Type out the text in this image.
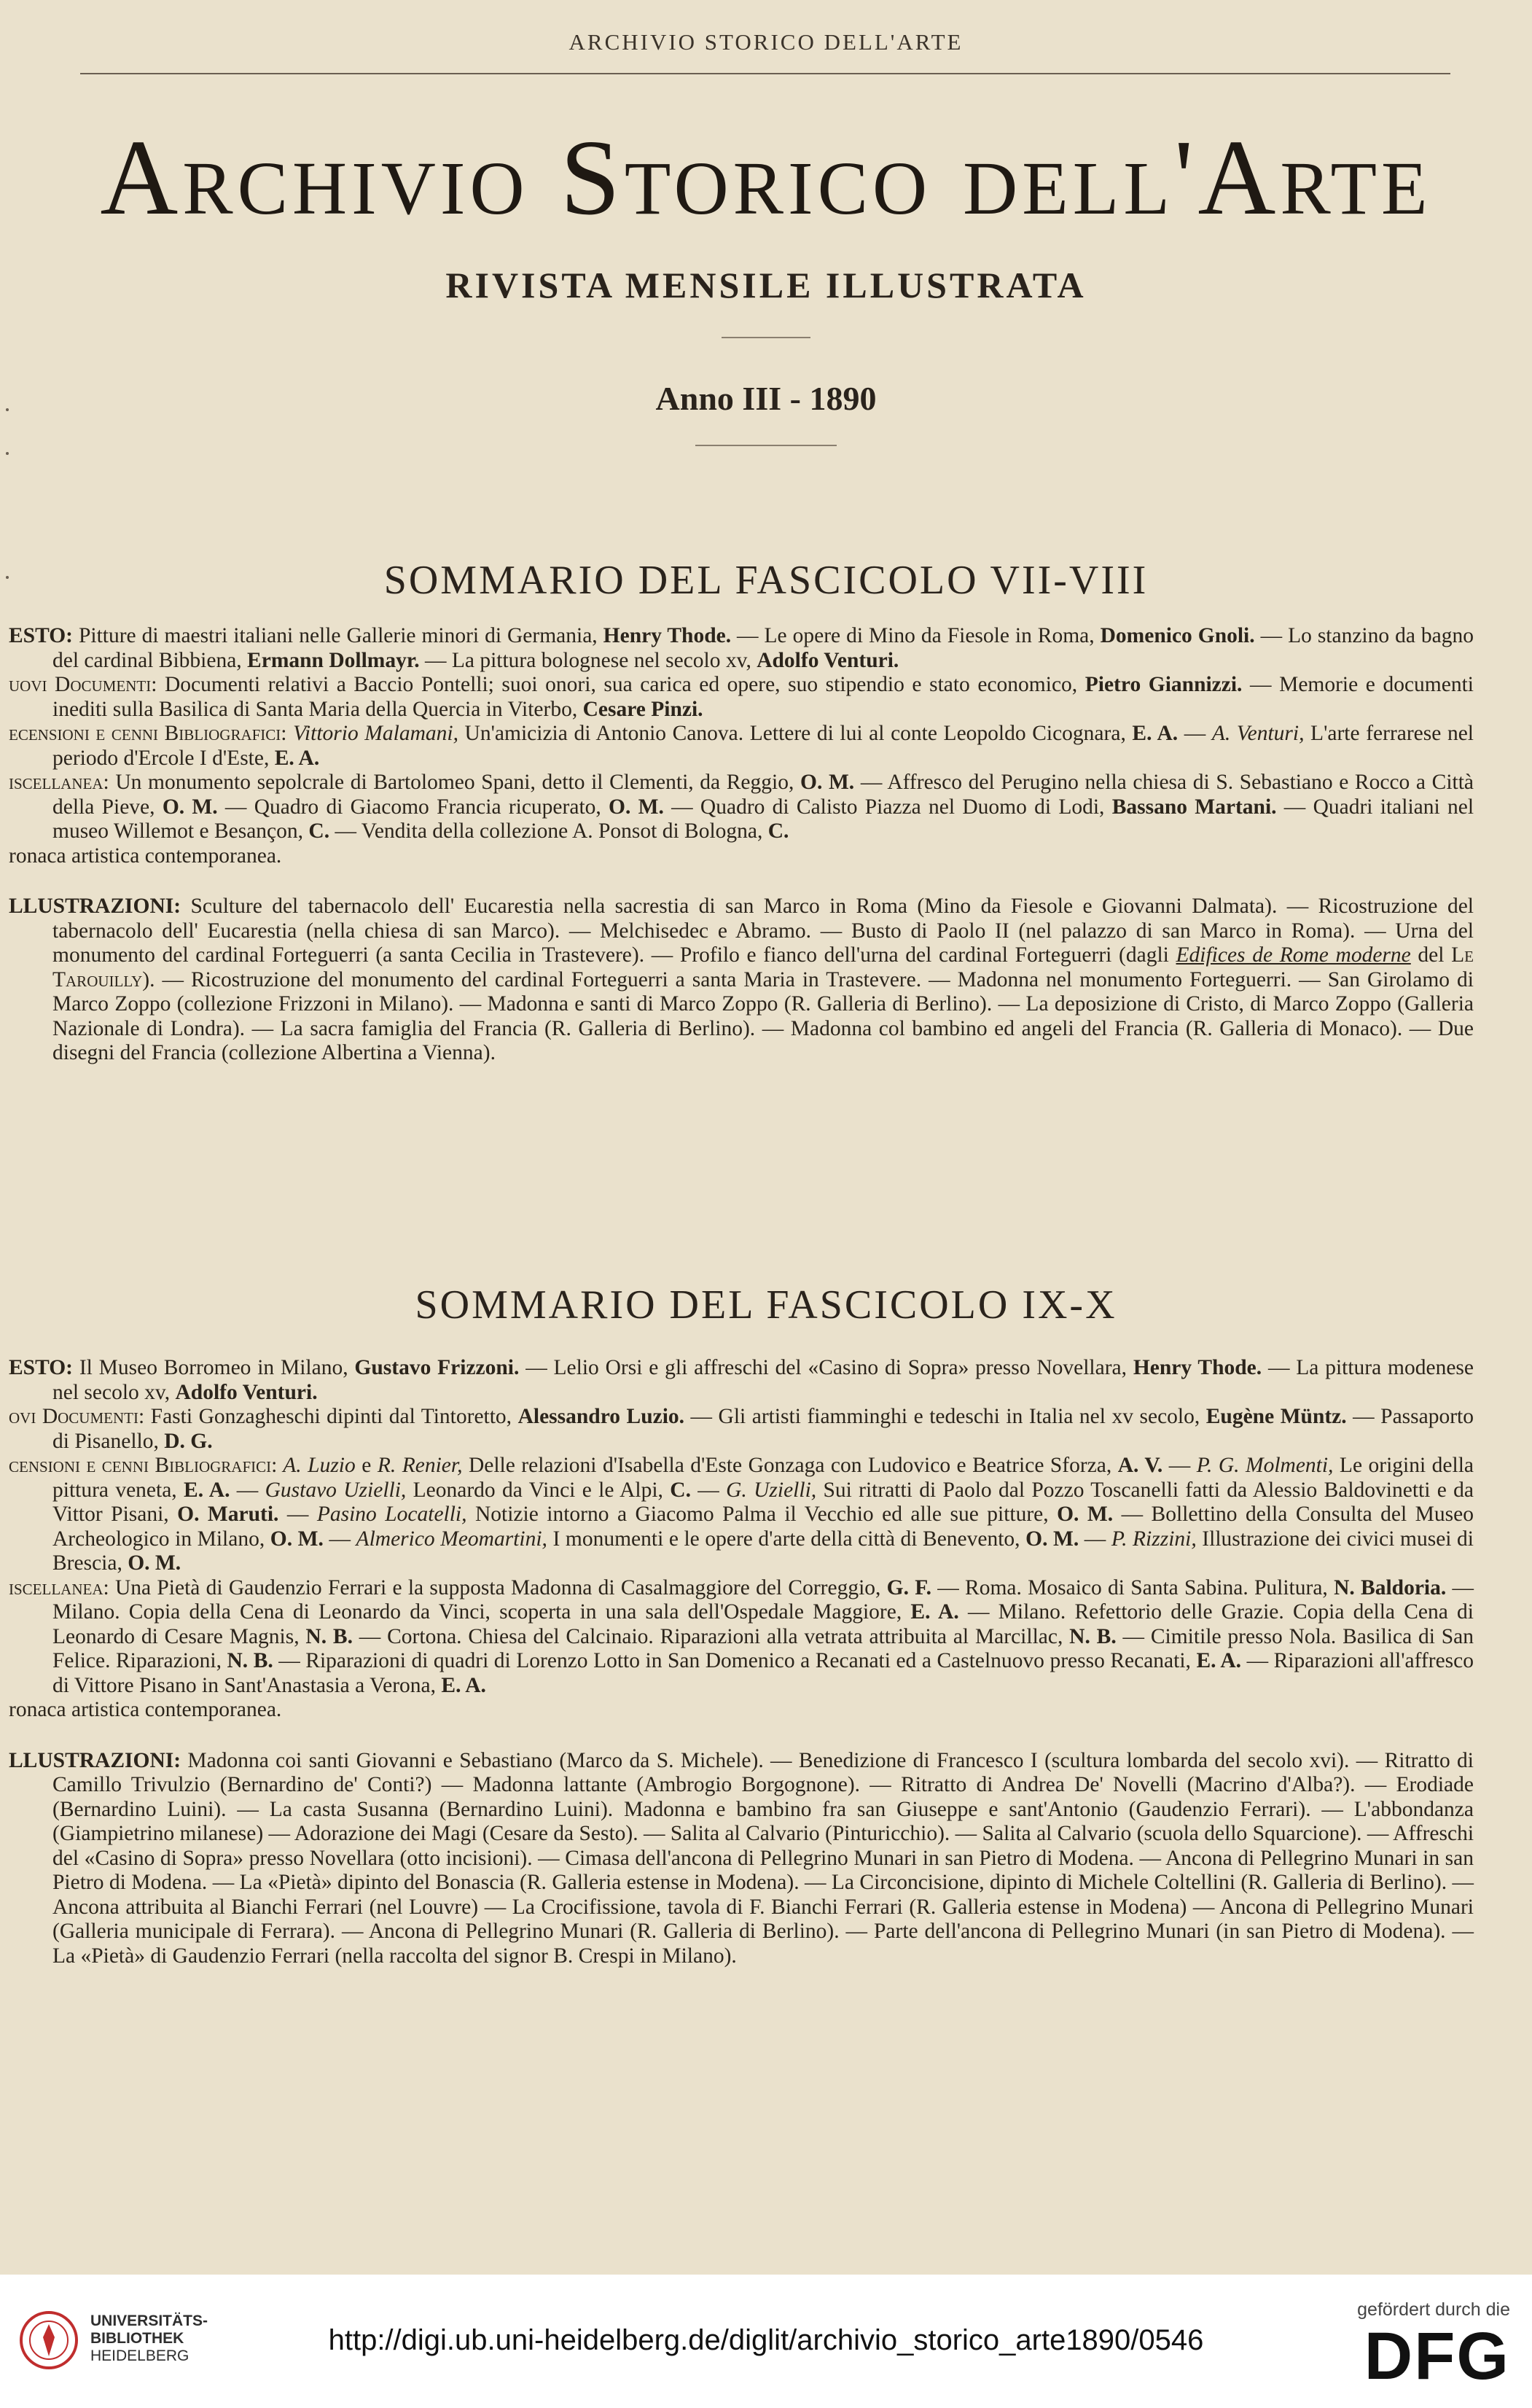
ARCHIVIO STORICO DELL'ARTE
Archivio Storico dell'Arte
RIVISTA MENSILE ILLUSTRATA
Anno III - 1890
SOMMARIO DEL FASCICOLO VII-VIII

ESTO: Pitture di maestri italiani nelle Gallerie minori di Germania, Henry Thode. — Le opere di Mino da Fiesole in Roma, Domenico Gnoli. — Lo stanzino da bagno del cardinal Bibbiena, Ermann Dollmayr. — La pittura bolognese nel secolo xv, Adolfo Venturi.

uovi Documenti: Documenti relativi a Baccio Pontelli; suoi onori, sua carica ed opere, suo stipendio e stato economico, Pietro Giannizzi. — Memorie e documenti inediti sulla Basilica di Santa Maria della Quercia in Viterbo, Cesare Pinzi.

ecensioni e cenni Bibliografici: Vittorio Malamani, Un'amicizia di Antonio Canova. Lettere di lui al conte Leopoldo Cicognara, E. A. — A. Venturi, L'arte ferrarese nel periodo d'Ercole I d'Este, E. A.

iscellanea: Un monumento sepolcrale di Bartolomeo Spani, detto il Clementi, da Reggio, O. M. — Affresco del Perugino nella chiesa di S. Sebastiano e Rocco a Città della Pieve, O. M. — Quadro di Giacomo Francia ricuperato, O. M. — Quadro di Calisto Piazza nel Duomo di Lodi, Bassano Martani. — Quadri italiani nel museo Willemot e Besançon, C. — Vendita della collezione A. Ponsot di Bologna, C.

ronaca artistica contemporanea.

LLUSTRAZIONI: Sculture del tabernacolo dell' Eucarestia nella sacrestia di san Marco in Roma (Mino da Fiesole e Giovanni Dalmata). — Ricostruzione del tabernacolo dell' Eucarestia (nella chiesa di san Marco). — Melchisedec e Abramo. — Busto di Paolo II (nel palazzo di san Marco in Roma). — Urna del monumento del cardinal Forteguerri (a santa Cecilia in Trastevere). — Profilo e fianco dell'urna del cardinal Forteguerri (dagli Edifices de Rome moderne del Le Tarouilly). — Ricostruzione del monumento del cardinal Forteguerri a santa Maria in Trastevere. — Madonna nel monumento Forteguerri. — San Girolamo di Marco Zoppo (collezione Frizzoni in Milano). — Madonna e santi di Marco Zoppo (R. Galleria di Berlino). — La deposizione di Cristo, di Marco Zoppo (Galleria Nazionale di Londra). — La sacra famiglia del Francia (R. Galleria di Berlino). — Madonna col bambino ed angeli del Francia (R. Galleria di Monaco). — Due disegni del Francia (collezione Albertina a Vienna).

SOMMARIO DEL FASCICOLO IX-X

ESTO: Il Museo Borromeo in Milano, Gustavo Frizzoni. — Lelio Orsi e gli affreschi del «Casino di Sopra» presso Novellara, Henry Thode. — La pittura modenese nel secolo xv, Adolfo Venturi.

ovi Documenti: Fasti Gonzagheschi dipinti dal Tintoretto, Alessandro Luzio. — Gli artisti fiamminghi e tedeschi in Italia nel xv secolo, Eugène Müntz. — Passaporto di Pisanello, D. G.

censioni e cenni Bibliografici: A. Luzio e R. Renier, Delle relazioni d'Isabella d'Este Gonzaga con Ludovico e Beatrice Sforza, A. V. — P. G. Molmenti, Le origini della pittura veneta, E. A. — Gustavo Uzielli, Leonardo da Vinci e le Alpi, C. — G. Uzielli, Sui ritratti di Paolo dal Pozzo Toscanelli fatti da Alessio Baldovinetti e da Vittor Pisani, O. Maruti. — Pasino Locatelli, Notizie intorno a Giacomo Palma il Vecchio ed alle sue pitture, O. M. — Bollettino della Consulta del Museo Archeologico in Milano, O. M. — Almerico Meomartini, I monumenti e le opere d'arte della città di Benevento, O. M. — P. Rizzini, Illustrazione dei civici musei di Brescia, O. M.

iscellanea: Una Pietà di Gaudenzio Ferrari e la supposta Madonna di Casalmaggiore del Correggio, G. F. — Roma. Mosaico di Santa Sabina. Pulitura, N. Baldoria. — Milano. Copia della Cena di Leonardo da Vinci, scoperta in una sala dell'Ospedale Maggiore, E. A. — Milano. Refettorio delle Grazie. Copia della Cena di Leonardo di Cesare Magnis, N. B. — Cortona. Chiesa del Calcinaio. Riparazioni alla vetrata attribuita al Marcillac, N. B. — Cimitile presso Nola. Basilica di San Felice. Riparazioni, N. B. — Riparazioni di quadri di Lorenzo Lotto in San Domenico a Recanati ed a Castelnuovo presso Recanati, E. A. — Riparazioni all'affresco di Vittore Pisano in Sant'Anastasia a Verona, E. A.

ronaca artistica contemporanea.

LLUSTRAZIONI: Madonna coi santi Giovanni e Sebastiano (Marco da S. Michele). — Benedizione di Francesco I (scultura lombarda del secolo xvi). — Ritratto di Camillo Trivulzio (Bernardino de' Conti?) — Madonna lattante (Ambrogio Borgognone). — Ritratto di Andrea De' Novelli (Macrino d'Alba?). — Erodiade (Bernardino Luini). — La casta Susanna (Bernardino Luini). Madonna e bambino fra san Giuseppe e sant'Antonio (Gaudenzio Ferrari). — L'abbondanza (Giampietrino milanese) — Adorazione dei Magi (Cesare da Sesto). — Salita al Calvario (Pinturicchio). — Salita al Calvario (scuola dello Squarcione). — Affreschi del «Casino di Sopra» presso Novellara (otto incisioni). — Cimasa dell'ancona di Pellegrino Munari in san Pietro di Modena. — Ancona di Pellegrino Munari in san Pietro di Modena. — La «Pietà» dipinto del Bonascia (R. Galleria estense in Modena). — La Circoncisione, dipinto di Michele Coltellini (R. Galleria di Berlino). — Ancona attribuita al Bianchi Ferrari (nel Louvre) — La Crocifissione, tavola di F. Bianchi Ferrari (R. Galleria estense in Modena) — Ancona di Pellegrino Munari (Galleria municipale di Ferrara). — Ancona di Pellegrino Munari (R. Galleria di Berlino). — Parte dell'ancona di Pellegrino Munari (in san Pietro di Modena). — La «Pietà» di Gaudenzio Ferrari (nella raccolta del signor B. Crespi in Milano).

UNIVERSITÄTS-
BIBLIOTHEK
HEIDELBERG	http://digi.ub.uni-heidelberg.de/diglit/archivio_storico_arte1890/0546
gefördert durch die
DFG
